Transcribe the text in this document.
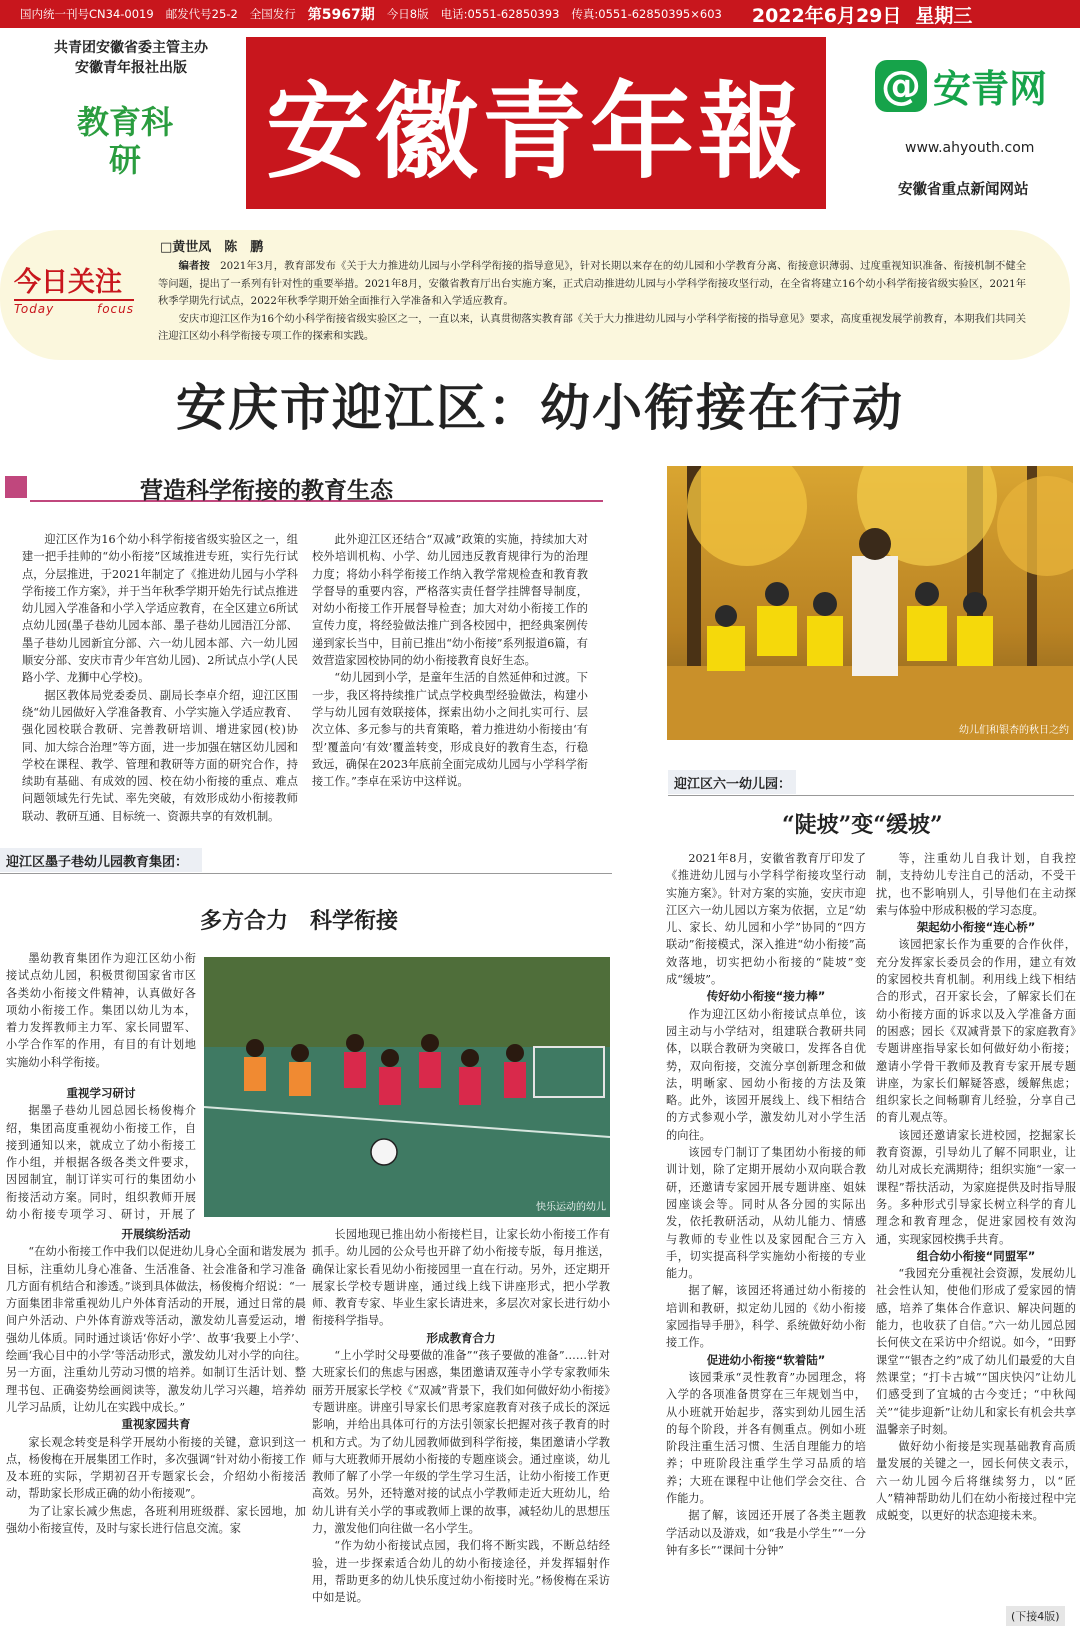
国内统一刊号CN34-0019 邮发代号25-2 全国发行 第5967期 今日8版 电话:0551-62850393 传真:0551-62850395×603 2022年6月29日 星期三
共青团安徽省委主管主办
安徽青年报社出版
教育科研	安徽青年報 @ 安青网
www.ahyouth.com
安徽省重点新闻网站
今日关注
Today	focus
□黄世凤　陈　鹏

编者按　 2021年3月，教育部发布《关于大力推进幼儿园与小学科学衔接的指导意见》，针对长期以来存在的幼儿园和小学教育分离、衔接意识薄弱、过度重视知识准备、衔接机制不健全等问题，提出了一系列有针对性的重要举措。2021年8月，安徽省教育厅出台实施方案，正式启动推进幼儿园与小学科学衔接攻坚行动，在全省将建立16个幼小科学衔接省级实验区，2021年秋季学期先行试点，2022年秋季学期开始全面推行入学准备和入学适应教育。

安庆市迎江区作为16个幼小科学衔接省级实验区之一，一直以来，认真贯彻落实教育部《关于大力推进幼儿园与小学科学衔接的指导意见》要求，高度重视发展学前教育，本期我们共同关注迎江区幼小科学衔接专项工作的探索和实践。

安庆市迎江区：幼小衔接在行动
营造科学衔接的教育生态

迎江区作为16个幼小科学衔接省级实验区之一，组建一把手挂帅的“幼小衔接”区域推进专班，实行先行试点，分层推进，于2021年制定了《推进幼儿园与小学科学衔接工作方案》，并于当年秋季学期开始先行试点推进幼儿园入学准备和小学入学适应教育，在全区建立6所试点幼儿园(墨子巷幼儿园本部、墨子巷幼儿园浯江分部、墨子巷幼儿园新宜分部、六一幼儿园本部、六一幼儿园顺安分部、安庆市青少年宫幼儿园)、2所试点小学(人民路小学、龙狮中心学校)。

据区教体局党委委员、副局长李卓介绍，迎江区围绕“幼儿园做好入学准备教育、小学实施入学适应教育、强化园校联合教研、完善教研培训、增进家园(校)协同、加大综合治理”等方面，进一步加强在辖区幼儿园和学校在课程、教学、管理和教研等方面的研究合作，持续助有基础、有成效的园、校在幼小衔接的重点、难点问题领域先行先试、率先突破，有效形成幼小衔接教师联动、教研互通、目标统一、资源共享的有效机制。

此外迎江区还结合“双减”政策的实施，持续加大对校外培训机构、小学、幼儿园违反教育规律行为的治理力度；将幼小科学衔接工作纳入教学常规检查和教育教学督导的重要内容，严格落实责任督学挂牌督导制度，对幼小衔接工作开展督导检查；加大对幼小衔接工作的宣传力度，将经验做法推广到各校园中，把经典案例传递到家长当中，目前已推出“幼小衔接”系列报道6篇，有效营造家园校协同的幼小衔接教育良好生态。

“幼儿园到小学，是童年生活的自然延伸和过渡。下一步，我区将持续推广试点学校典型经验做法，构建小学与幼儿园有效联接体，探索出幼小之间扎实可行、层次立体、多元参与的共育策略，着力推进幼小衔接由‘有型’覆盖向‘有效’覆盖转变，形成良好的教育生态，行稳致远，确保在2023年底前全面完成幼儿园与小学科学衔接工作。”李卓在采访中这样说。

幼儿们和银杏的秋日之约
迎江区墨子巷幼儿园教育集团：
多方合力　科学衔接
快乐运动的幼儿

墨幼教育集团作为迎江区幼小衔接试点幼儿园，积极贯彻国家省市区各类幼小衔接文件精神，认真做好各项幼小衔接工作。集团以幼儿为本，着力发挥教师主力军、家长同盟军、小学合作军的作用，有目的有计划地实施幼小科学衔接。

重视学习研讨

据墨子巷幼儿园总园长杨俊梅介绍，集团高度重视幼小衔接工作，自接到通知以来，就成立了幼小衔接工作小组，并根据各级各类文件要求，因园制宜，制订详实可行的集团幼小衔接活动方案。同时，组织教师开展幼小衔接专项学习、研讨，开展了

开展缤纷活动

“在幼小衔接工作中我们以促进幼儿身心全面和谐发展为目标，注重幼儿身心准备、生活准备、社会准备和学习准备几方面有机结合和渗透。”谈到具体做法，杨俊梅介绍说：“一方面集团非常重视幼儿户外体育活动的开展，通过日常的晨间户外活动、户外体育游戏等活动，激发幼儿喜爱运动，增强幼儿体质。同时通过谈话‘你好小学’、故事‘我要上小学’、绘画‘我心目中的小学’等活动形式，激发幼儿对小学的向往。另一方面，注重幼儿劳动习惯的培养。如制订生活计划、整理书包、正确姿势绘画阅读等，激发幼儿学习兴趣，培养幼儿学习品质，让幼儿在实践中成长。”

重视家园共育

家长观念转变是科学开展幼小衔接的关键，意识到这一点，杨俊梅在开展集团工作时，多次强调“针对幼小衔接工作及本班的实际，学期初召开专题家长会，介绍幼小衔接活动，帮助家长形成正确的幼小衔接观”。

为了让家长减少焦虑，各班利用班级群、家长园地，加强幼小衔接宣传，及时与家长进行信息交流。家

长园地现已推出幼小衔接栏目，让家长幼小衔接工作有抓手。幼儿园的公众号也开辟了幼小衔接专版，每月推送，确保让家长看见幼小衔接园里一直在行动。另外，还定期开展家长学校专题讲座，通过线上线下讲座形式，把小学教师、教育专家、毕业生家长请进来，多层次对家长进行幼小衔接科学指导。

形成教育合力

“上小学时父母要做的准备”“孩子要做的准备”……针对大班家长们的焦虑与困惑，集团邀请双莲寺小学专家教师朱丽芳开展家长学校《“双减”背景下，我们如何做好幼小衔接》专题讲座。讲座引导家长们思考家庭教育对孩子成长的深远影响，并给出具体可行的方法引领家长把握对孩子教育的时机和方式。为了幼儿园教师做到科学衔接，集团邀请小学教师与大班教师开展幼小衔接的专题座谈会。通过座谈，幼儿教师了解了小学一年级的学生学习生活，让幼小衔接工作更高效。另外，还特邀对接的试点小学教师走近大班幼儿，给幼儿讲有关小学的事或教师上课的故事，减轻幼儿的思想压力，激发他们向往做一名小学生。

“作为幼小衔接试点园，我们将不断实践，不断总结经验，进一步探索适合幼儿的幼小衔接途径，并发挥辐射作用，帮助更多的幼儿快乐度过幼小衔接时光。”杨俊梅在采访中如是说。

迎江区六一幼儿园：
“陡坡”变“缓坡”

2021年8月，安徽省教育厅印发了《推进幼儿园与小学科学衔接攻坚行动实施方案》。针对方案的实施，安庆市迎江区六一幼儿园以方案为依据，立足“幼儿、家长、幼儿园和小学”协同的“四方联动”衔接模式，深入推进“幼小衔接”高效落地，切实把幼小衔接的“陡坡”变成“缓坡”。

传好幼小衔接“接力棒”

作为迎江区幼小衔接试点单位，该园主动与小学结对，组建联合教研共同体，以联合教研为突破口，发挥各自优势，双向衔接，交流分享创新理念和做法，明晰家、园幼小衔接的方法及策略。此外，该园开展线上、线下相结合的方式参观小学，激发幼儿对小学生活的向往。

该园专门制订了集团幼小衔接的师训计划，除了定期开展幼小双向联合教研，还邀请专家园开展专题讲座、姐妹园座谈会等。同时从各分园的实际出发，依托教研活动，从幼儿能力、情感与教师的专业性以及家园配合三方入手，切实提高科学实施幼小衔接的专业能力。

据了解，该园还将通过幼小衔接的培训和教研，拟定幼儿园的《幼小衔接家园指导手册》，科学、系统做好幼小衔接工作。

促进幼小衔接“软着陆”

该园秉承“灵性教育”办园理念，将入学的各项准备贯穿在三年规划当中，从小班就开始起步，落实到幼儿园生活的每个阶段，并各有侧重点。例如小班阶段注重生活习惯、生活自理能力的培养；中班阶段注重学生学习品质的培养；大班在课程中让他们学会交往、合作能力。

据了解，该园还开展了各类主题教学活动以及游戏，如“我是小学生”“一分钟有多长”“课间十分钟”

等，注重幼儿自我计划，自我控制，支持幼儿专注自己的活动，不受干扰，也不影响别人，引导他们在主动探索与体验中形成积极的学习态度。

架起幼小衔接“连心桥”

该园把家长作为重要的合作伙伴，充分发挥家长委员会的作用，建立有效的家园校共育机制。利用线上线下相结合的形式，召开家长会，了解家长们在幼小衔接方面的诉求以及入学准备方面的困惑；园长《双减背景下的家庭教育》专题讲座指导家长如何做好幼小衔接；邀请小学骨干教师及教育专家开展专题讲座，为家长们解疑答惑，缓解焦虑；组织家长之间畅聊育儿经验，分享自己的育儿观点等。

该园还邀请家长进校园，挖掘家长教育资源，引导幼儿了解不同职业，让幼儿对成长充满期待；组织实施“一家一课程”帮扶活动，为家庭提供及时指导服务。多种形式引导家长树立科学的育儿理念和教育理念，促进家园校有效沟通，实现家园校携手共育。

组合幼小衔接“同盟军”

“我园充分重视社会资源，发展幼儿社会性认知，使他们形成了爱家园的情感，培养了集体合作意识、解决问题的能力，也收获了自信。”六一幼儿园总园长何侠文在采访中介绍说。如今，“田野课堂”“银杏之约”成了幼儿们最爱的大自然课堂；“打卡古城”“国庆快闪”让幼儿们感受到了宜城的古今变迁；“中秋闯关”“徒步迎新”让幼儿和家长有机会共享温馨亲子时刻。

做好幼小衔接是实现基础教育高质量发展的关键之一，园长何侠文表示，六一幼儿园今后将继续努力，以“匠人”精神帮助幼儿们在幼小衔接过程中完成蜕变，以更好的状态迎接未来。

(下接4版)
